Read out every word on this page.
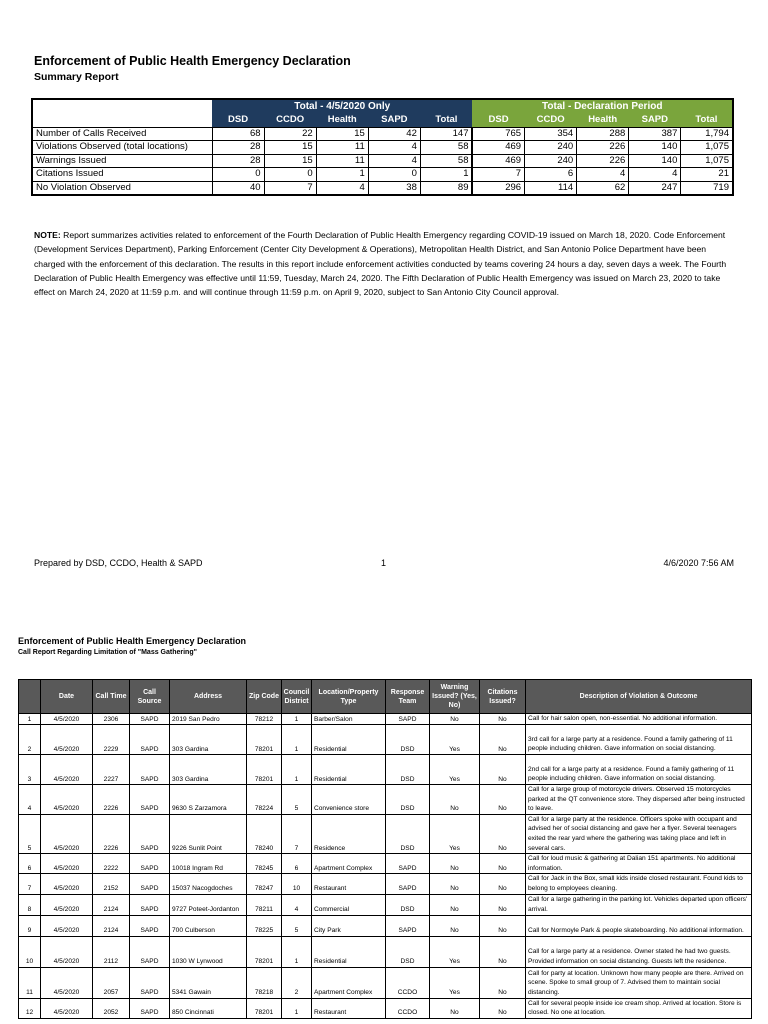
Enforcement of Public Health Emergency Declaration
Summary Report
	Total - 4/5/2020 Only					Total - Declaration Period				
	DSD	CCDO	Health	SAPD	Total	DSD	CCDO	Health	SAPD	Total
Number of Calls Received	68	22	15	42	147	765	354	288	387	1,794
Violations Observed (total locations)	28	15	11	4	58	469	240	226	140	1,075
Warnings Issued	28	15	11	4	58	469	240	226	140	1,075
Citations Issued	0	0	1	0	1	7	6	4	4	21
No Violation Observed	40	7	4	38	89	296	114	62	247	719
NOTE: Report summarizes activities related to enforcement of the Fourth Declaration of Public Health Emergency regarding COVID-19 issued on March 18, 2020. Code Enforcement (Development Services Department), Parking Enforcement (Center City Development & Operations), Metropolitan Health District, and San Antonio Police Department have been charged with the enforcement of this declaration. The results in this report include enforcement activities conducted by teams covering 24 hours a day, seven days a week. The Fourth Declaration of Public Health Emergency was effective until 11:59, Tuesday, March 24, 2020. The Fifth Declaration of Public Health Emergency was issued on March 23, 2020 to take effect on March 24, 2020 at 11:59 p.m. and will continue through 11:59 p.m. on April 9, 2020, subject to San Antonio City Council approval.
Prepared by DSD, CCDO, Health & SAPD	1	4/6/2020 7:56 AM
Enforcement of Public Health Emergency Declaration
Call Report Regarding Limitation of "Mass Gathering"
	Date	Call Time	Call Source	Address	Zip Code	Council District	Location/Property Type	Response Team	Warning Issued? (Yes, No)	Citations Issued?	Description of Violation & Outcome
1	4/5/2020	2306	SAPD	2019 San Pedro	78212	1	Barber/Salon	SAPD	No	No	Call for hair salon open, non-essential. No additional information.
2	4/5/2020	2229	SAPD	303 Gardina	78201	1	Residential	DSD	Yes	No	3rd call for a large party at a residence. Found a family gathering of 11 people including children. Gave information on social distancing.
3	4/5/2020	2227	SAPD	303 Gardina	78201	1	Residential	DSD	Yes	No	2nd call for a large party at a residence. Found a family gathering of 11 people including children. Gave information on social distancing.
4	4/5/2020	2226	SAPD	9630 S Zarzamora	78224	5	Convenience store	DSD	No	No	Call for a large group of motorcycle drivers. Observed 15 motorcycles parked at the QT convenience store. They dispersed after being instructed to leave.
5	4/5/2020	2226	SAPD	9226 Sunlit Point	78240	7	Residence	DSD	Yes	No	Call for a large party at the residence. Officers spoke with occupant and advised her of social distancing and gave her a flyer. Several teenagers exited the rear yard where the gathering was taking place and left in several cars.
6	4/5/2020	2222	SAPD	10018 Ingram Rd	78245	6	Apartment Complex	SAPD	No	No	Call for loud music & gathering at Dalian 151 apartments. No additional information.
7	4/5/2020	2152	SAPD	15037 Nacogdoches	78247	10	Restaurant	SAPD	No	No	Call for Jack in the Box, small kids inside closed restaurant. Found kids to belong to employees cleaning.
8	4/5/2020	2124	SAPD	9727 Poteet-Jordanton	78211	4	Commercial	DSD	No	No	Call for a large gathering in the parking lot. Vehicles departed upon officers' arrival.
9	4/5/2020	2124	SAPD	700 Culberson	78225	5	City Park	SAPD	No	No	Call for Normoyle Park & people skateboarding. No additional information.
10	4/5/2020	2112	SAPD	1030 W Lynwood	78201	1	Residential	DSD	Yes	No	Call for a large party at a residence. Owner stated he had two guests. Provided information on social distancing. Guests left the residence.
11	4/5/2020	2057	SAPD	5341 Gawain	78218	2	Apartment Complex	CCDO	Yes	No	Call for party at location. Unknown how many people are there. Arrived on scene. Spoke to small group of 7. Advised them to maintain social distancing.
12	4/5/2020	2052	SAPD	850 Cincinnati	78201	1	Restaurant	CCDO	No	No	Call for several people inside ice cream shop. Arrived at location. Store is closed. No one at location.
